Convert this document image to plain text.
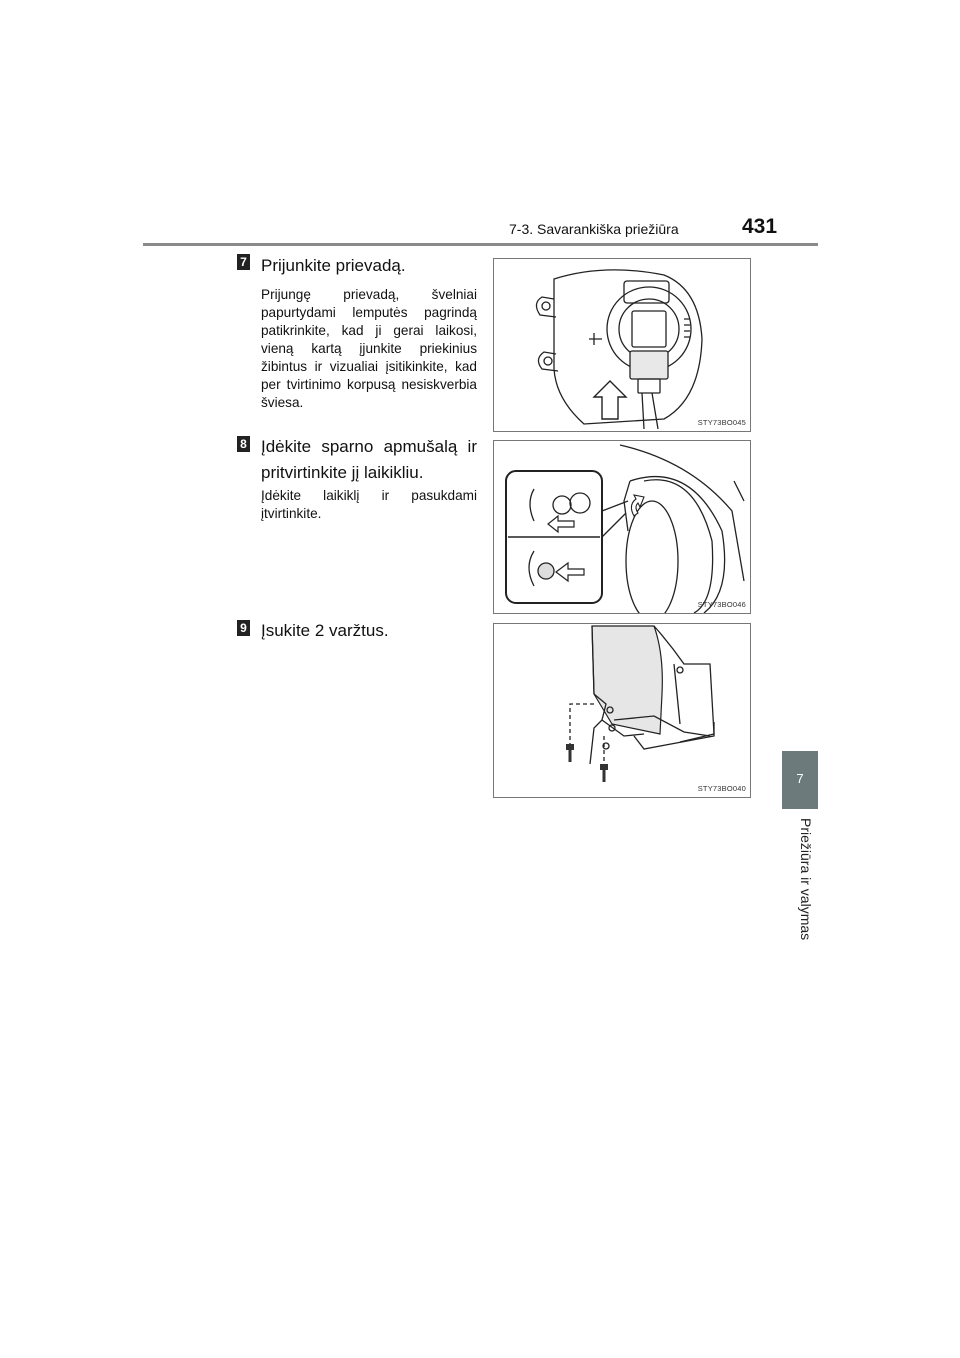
7-3. Savarankiška priežiūra	431
7
Priežiūra ir valymas
7 Prijunkite prievadą.
Prijungę prievadą, švelniai papurtydami lemputės pagrindą patikrinkite, kad ji gerai laikosi, vieną kartą įjunkite priekinius žibintus ir vizualiai įsitikinkite, kad per tvirtinimo korpusą nesiskverbia šviesa.
STY73BO045
8 Įdėkite sparno apmušalą ir pritvirtinkite jį laikikliu.
Įdėkite laikiklį ir pasukdami įtvirtinkite.
STY73BO046
9 Įsukite 2 varžtus.
STY73BO040
